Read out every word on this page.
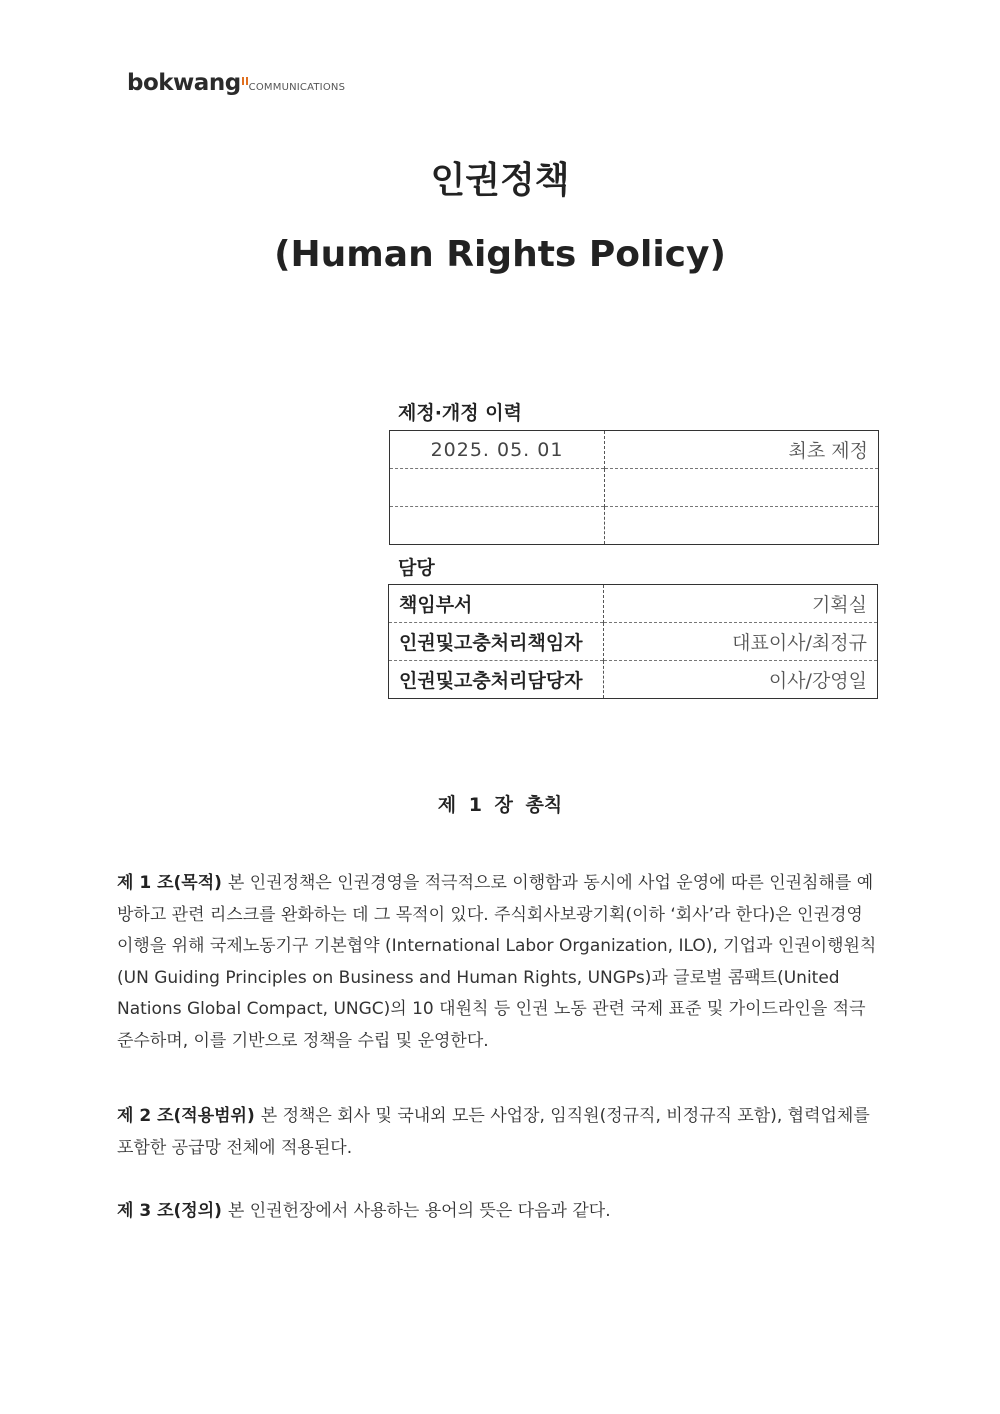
bokwang COMMUNICATIONS
인권정책
(Human Rights Policy)
제정·개정 이력
2025. 05. 01	최초 제정

담당
책임부서	기획실
인권및고충처리책임자	대표이사/최정규
인권및고충처리담당자	이사/강영일
제 1 장 총칙
제 1 조(목적) 본 인권정책은 인권경영을 적극적으로 이행함과 동시에 사업 운영에 따른 인권침해를 예방하고 관련 리스크를 완화하는 데 그 목적이 있다. 주식회사보광기획(이하 ‘회사’라 한다)은 인권경영 이행을 위해 국제노동기구 기본협약 (International Labor Organization, ILO), 기업과 인권이행원칙(UN Guiding Principles on Business and Human Rights, UNGPs)과 글로벌 콤팩트(United Nations Global Compact, UNGC)의 10 대원칙 등 인권 노동 관련 국제 표준 및 가이드라인을 적극 준수하며, 이를 기반으로 정책을 수립 및 운영한다.
제 2 조(적용범위) 본 정책은 회사 및 국내외 모든 사업장, 임직원(정규직, 비정규직 포함), 협력업체를 포함한 공급망 전체에 적용된다.
제 3 조(정의) 본 인권헌장에서 사용하는 용어의 뜻은 다음과 같다.
